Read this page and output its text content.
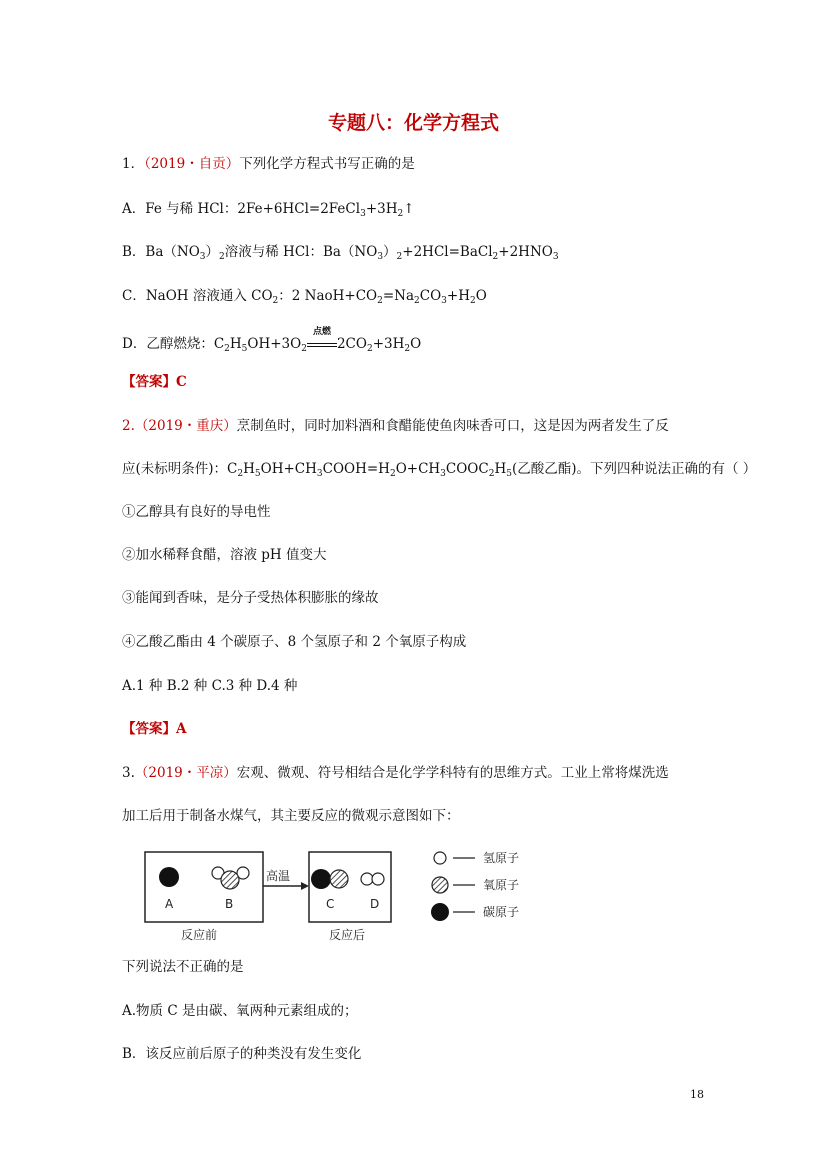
专题八：化学方程式
1．（2019・自贡）下列化学方程式书写正确的是
A．Fe 与稀 HCl：$2Fe+6HCl=2FeCl_3+3H_2↑$
B．$Ba(NO_3)_2$溶液与稀 HCl：$Ba(NO_3)_2+2HCl=BaCl_2+2HNO_3$
C．NaOH 溶液通入 $CO_2$：2 $NaoH+CO_2=Na_2CO_3+H_2O$
D．乙醇燃烧：$C_2H_5OH+3O_2$
点燃
$2CO_2+3H_2O$
【答案】C
2.（2019・重庆）烹制鱼时，同时加料酒和食醋能使鱼肉味香可口，这是因为两者发生了反
应(未标明条件)：$C_2H_5OH+CH_3COOH=H_2O+CH_3COOC_2H_5$(乙酸乙酯)。下列四种说法正确的有（ ）
①乙醇具有良好的导电性
②加水稀释食醋，溶液 pH 值变大
③能闻到香味，是分子受热体积膨胀的缘故
④乙酸乙酯由 4 个碳原子、8 个氢原子和 2 个氧原子构成
A.1 种 B.2 种 C.3 种 D.4 种
【答案】A
3.（2019・平凉）宏观、微观、符号相结合是化学学科特有的思维方式。工业上常将煤洗选
加工后用于制备水煤气，其主要反应的微观示意图如下：
A	B
反应前
高温
C	D
反应后
氢原子
氧原子
碳原子
下列说法不正确的是
A.物质 C 是由碳、氧两种元素组成的；
B．该反应前后原子的种类没有发生变化
18
